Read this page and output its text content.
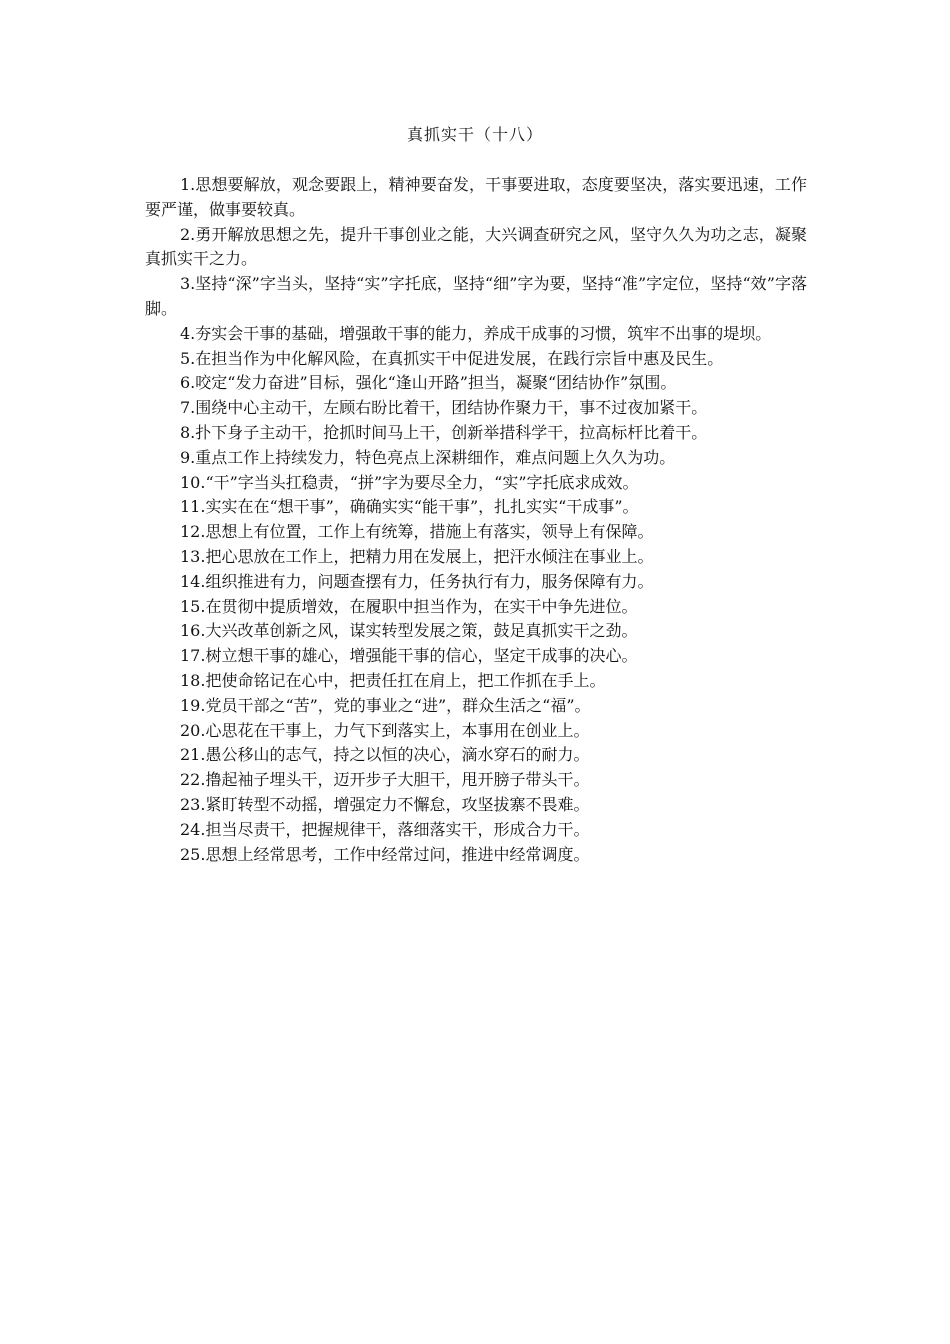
真抓实干（十八）
1.思想要解放，观念要跟上，精神要奋发，干事要进取，态度要坚决，落实要迅速，工作要严谨，做事要较真。
2.勇开解放思想之先，提升干事创业之能，大兴调查研究之风，坚守久久为功之志，凝聚真抓实干之力。
3.坚持“深”字当头，坚持“实”字托底，坚持“细”字为要，坚持“准”字定位，坚持“效”字落脚。
4.夯实会干事的基础，增强敢干事的能力，养成干成事的习惯，筑牢不出事的堤坝。
5.在担当作为中化解风险，在真抓实干中促进发展，在践行宗旨中惠及民生。
6.咬定“发力奋进”目标，强化“逢山开路”担当，凝聚“团结协作”氛围。
7.围绕中心主动干，左顾右盼比着干，团结协作聚力干，事不过夜加紧干。
8.扑下身子主动干，抢抓时间马上干，创新举措科学干，拉高标杆比着干。
9.重点工作上持续发力，特色亮点上深耕细作，难点问题上久久为功。
10.“干”字当头扛稳责，“拼”字为要尽全力，“实”字托底求成效。
11.实实在在“想干事”，确确实实“能干事”，扎扎实实“干成事”。
12.思想上有位置，工作上有统筹，措施上有落实，领导上有保障。
13.把心思放在工作上，把精力用在发展上，把汗水倾注在事业上。
14.组织推进有力，问题查摆有力，任务执行有力，服务保障有力。
15.在贯彻中提质增效，在履职中担当作为，在实干中争先进位。
16.大兴改革创新之风，谋实转型发展之策，鼓足真抓实干之劲。
17.树立想干事的雄心，增强能干事的信心，坚定干成事的决心。
18.把使命铭记在心中，把责任扛在肩上，把工作抓在手上。
19.党员干部之“苦”，党的事业之“进”，群众生活之“福”。
20.心思花在干事上，力气下到落实上，本事用在创业上。
21.愚公移山的志气，持之以恒的决心，滴水穿石的耐力。
22.撸起袖子埋头干，迈开步子大胆干，甩开膀子带头干。
23.紧盯转型不动摇，增强定力不懈怠，攻坚拔寨不畏难。
24.担当尽责干，把握规律干，落细落实干，形成合力干。
25.思想上经常思考，工作中经常过问，推进中经常调度。
